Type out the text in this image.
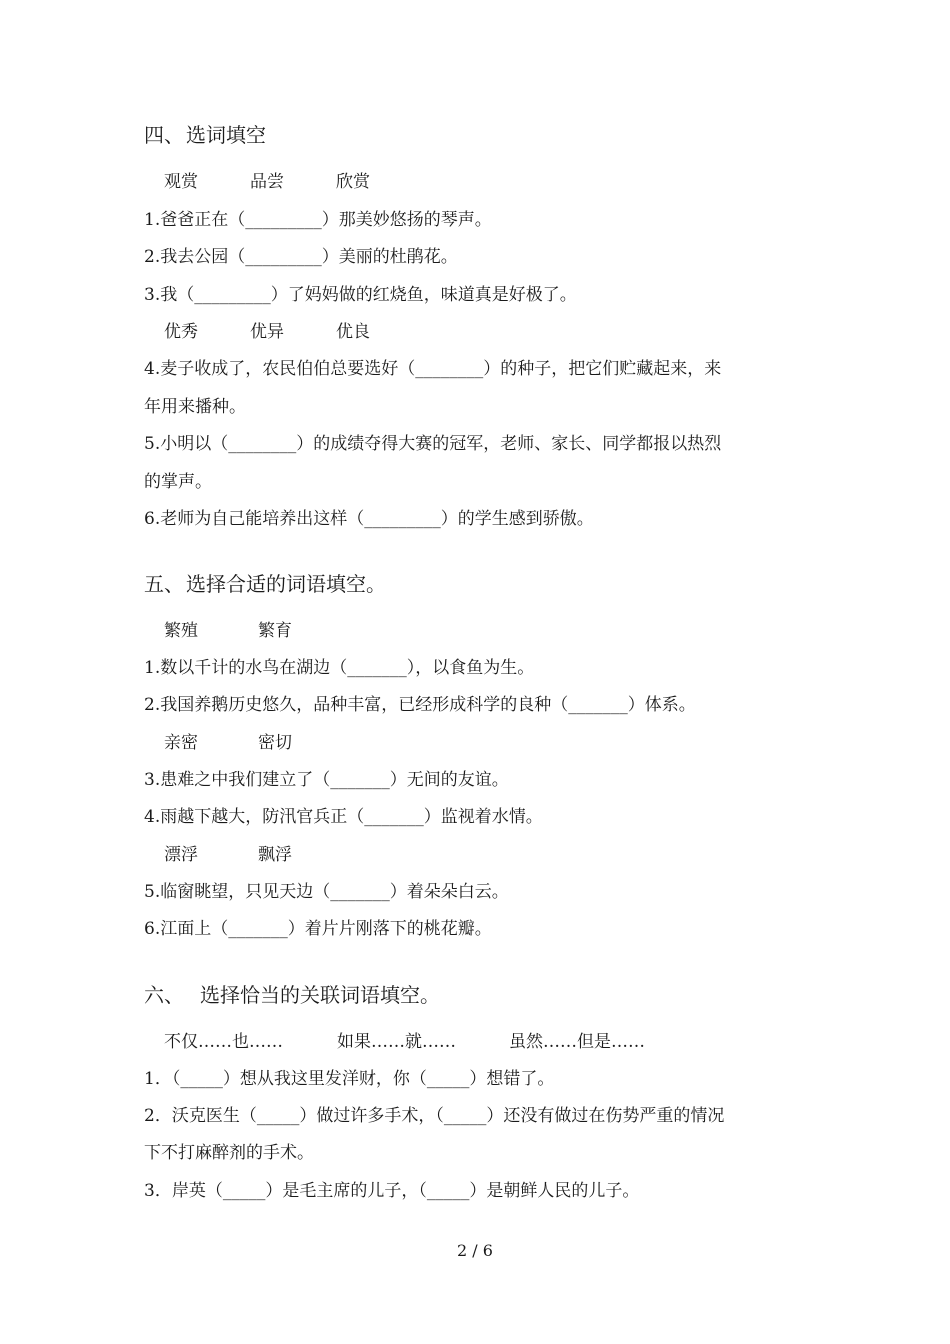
四、 选词填空
观赏	品尝	欣赏
1.爸爸正在（_________）那美妙悠扬的琴声。
2.我去公园（_________）美丽的杜鹃花。
3.我（_________）了妈妈做的红烧鱼，味道真是好极了。
优秀	优异	优良
4.麦子收成了，农民伯伯总要选好（________）的种子，把它们贮藏起来，来
年用来播种。
5.小明以（________）的成绩夺得大赛的冠军，老师、家长、同学都报以热烈
的掌声。
6.老师为自己能培养出这样（_________）的学生感到骄傲。
五、 选择合适的词语填空。
繁殖	繁育
1.数以千计的水鸟在湖边（_______），以食鱼为生。
2.我国养鹅历史悠久，品种丰富，已经形成科学的良种（_______）体系。
亲密	密切
3.患难之中我们建立了（_______）无间的友谊。
4.雨越下越大，防汛官兵正（_______）监视着水情。
漂浮	飘浮
5.临窗眺望，只见天边（_______）着朵朵白云。
6.江面上（_______）着片片刚落下的桃花瓣。
六、 选择恰当的关联词语填空。
不仅……也……	如果……就……	虽然……但是……
1．（_____）想从我这里发洋财，你（_____）想错了。
2．沃克医生（_____）做过许多手术，（_____）还没有做过在伤势严重的情况
下不打麻醉剂的手术。
3．岸英（_____）是毛主席的儿子，（_____）是朝鲜人民的儿子。
2 / 6
